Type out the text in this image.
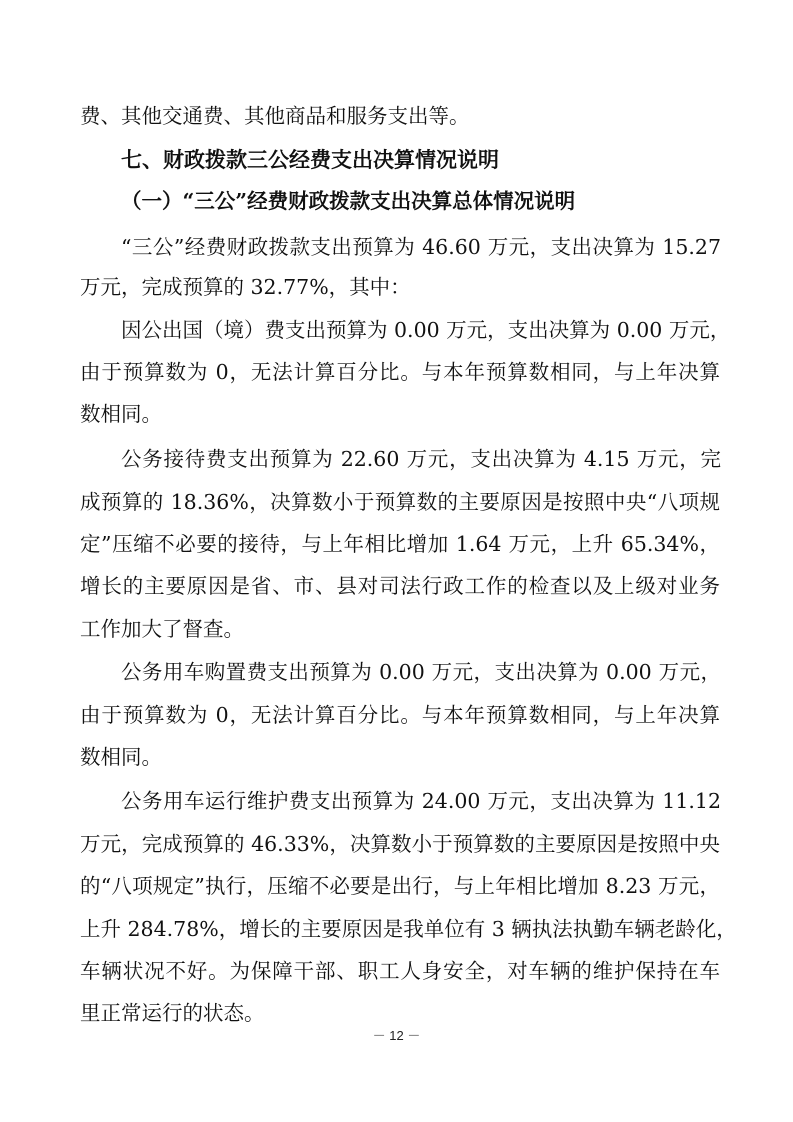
费、其他交通费、其他商品和服务支出等。
七、财政拨款三公经费支出决算情况说明
（一）“三公”经费财政拨款支出决算总体情况说明
“三公”经费财政拨款支出预算为 46.60 万元，支出决算为 15.27
万元，完成预算的 32.77%，其中：
因公出国（境）费支出预算为 0.00 万元，支出决算为 0.00 万元，
由于预算数为 0，无法计算百分比。与本年预算数相同，与上年决算
数相同。
公务接待费支出预算为 22.60 万元，支出决算为 4.15 万元，完
成预算的 18.36%，决算数小于预算数的主要原因是按照中央“八项规
定”压缩不必要的接待，与上年相比增加 1.64 万元，上升 65.34%，
增长的主要原因是省、市、县对司法行政工作的检查以及上级对业务
工作加大了督查。
公务用车购置费支出预算为 0.00 万元，支出决算为 0.00 万元，
由于预算数为 0，无法计算百分比。与本年预算数相同，与上年决算
数相同。
公务用车运行维护费支出预算为 24.00 万元，支出决算为 11.12
万元，完成预算的 46.33%，决算数小于预算数的主要原因是按照中央
的“八项规定”执行，压缩不必要是出行，与上年相比增加 8.23 万元，
上升 284.78%，增长的主要原因是我单位有 3 辆执法执勤车辆老龄化，
车辆状况不好。为保障干部、职工人身安全，对车辆的维护保持在车
里正常运行的状态。
－ 12 －
